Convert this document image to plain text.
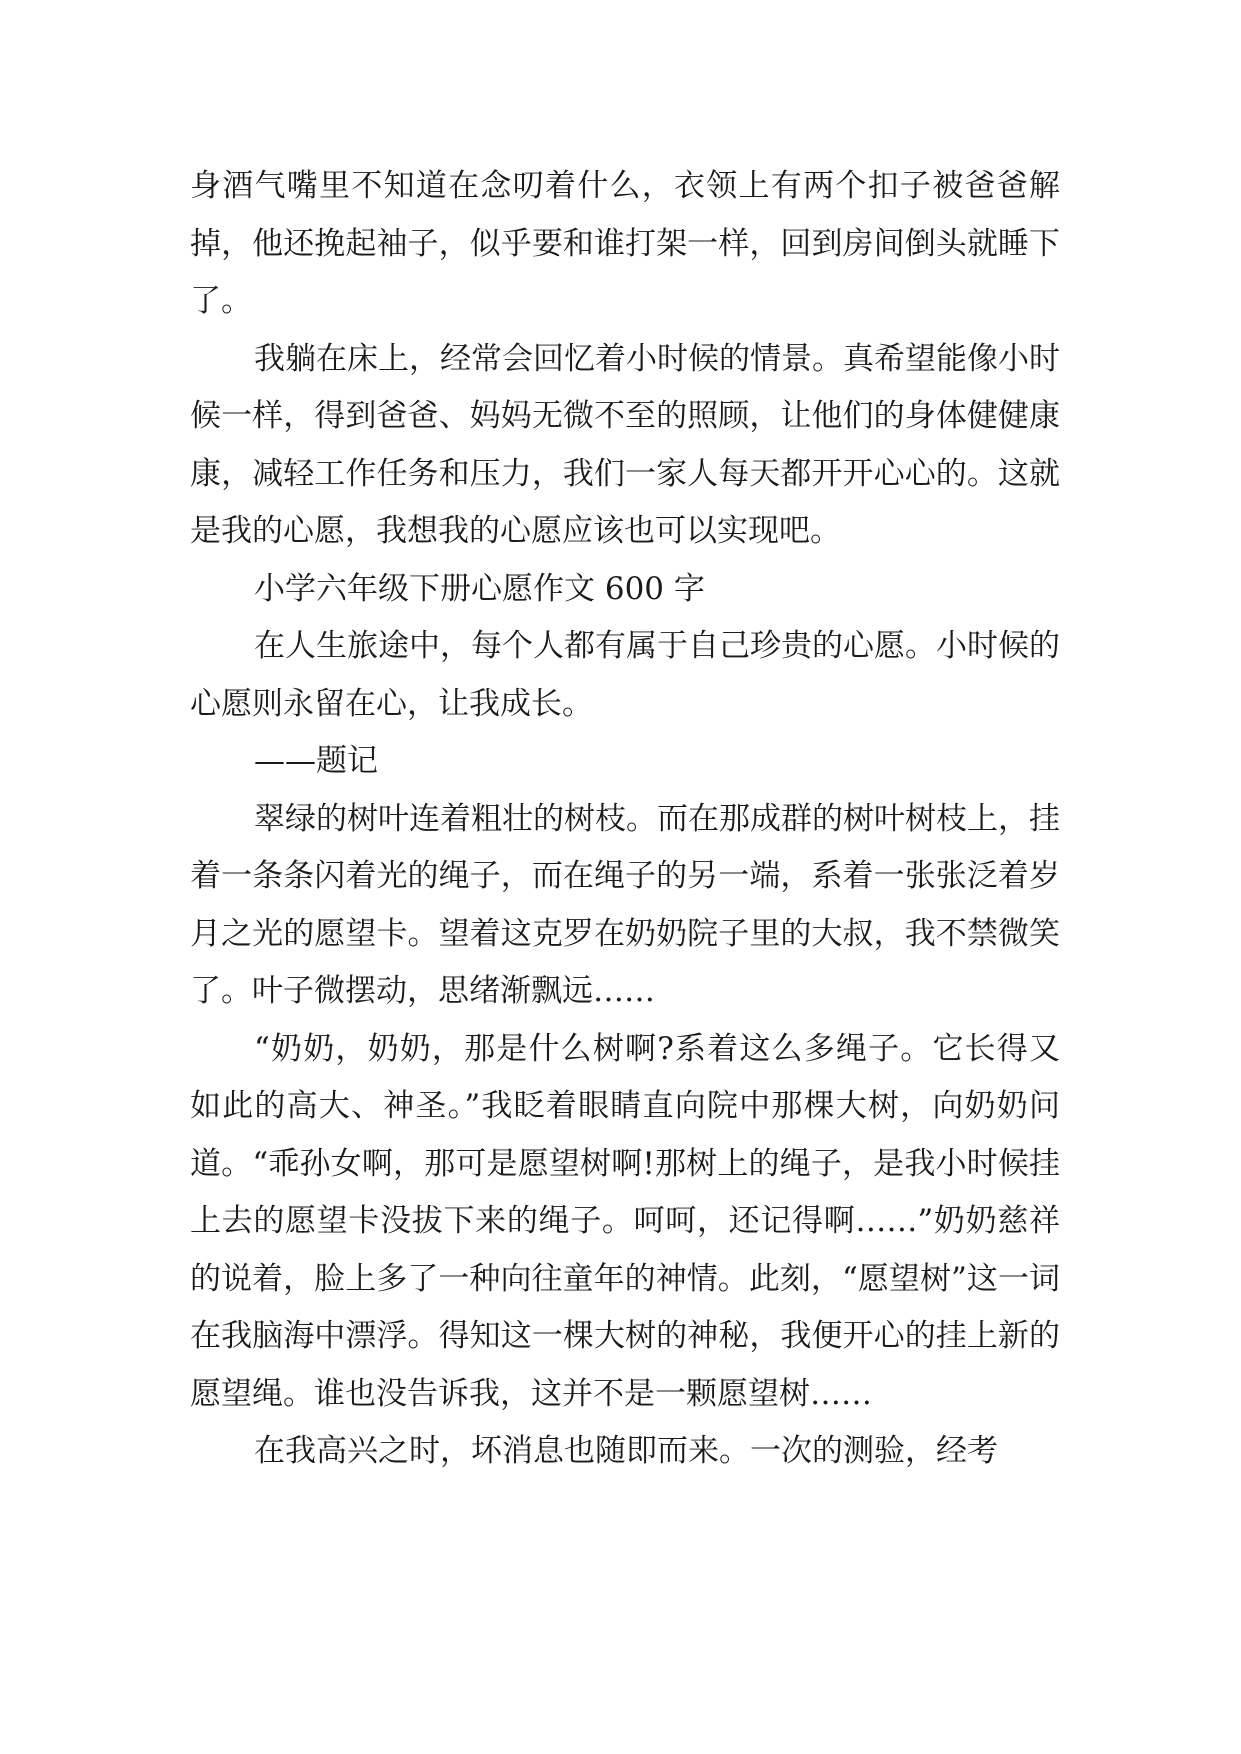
身酒气嘴里不知道在念叨着什么，衣领上有两个扣子被爸爸解掉，他还挽起袖子，似乎要和谁打架一样，回到房间倒头就睡下了。

我躺在床上，经常会回忆着小时候的情景。真希望能像小时候一样，得到爸爸、妈妈无微不至的照顾，让他们的身体健健康康，减轻工作任务和压力，我们一家人每天都开开心心的。这就是我的心愿，我想我的心愿应该也可以实现吧。

小学六年级下册心愿作文 600 字

在人生旅途中，每个人都有属于自己珍贵的心愿。小时候的心愿则永留在心，让我成长。

——题记

翠绿的树叶连着粗壮的树枝。而在那成群的树叶树枝上，挂着一条条闪着光的绳子，而在绳子的另一端，系着一张张泛着岁月之光的愿望卡。望着这克罗在奶奶院子里的大叔，我不禁微笑了。叶子微摆动，思绪渐飘远……

“奶奶，奶奶，那是什么树啊?系着这么多绳子。它长得又如此的高大、神圣。”我眨着眼睛直向院中那棵大树，向奶奶问道。“乖孙女啊，那可是愿望树啊!那树上的绳子，是我小时候挂上去的愿望卡没拔下来的绳子。呵呵，还记得啊……”奶奶慈祥的说着，脸上多了一种向往童年的神情。此刻，“愿望树”这一词在我脑海中漂浮。得知这一棵大树的神秘，我便开心的挂上新的愿望绳。谁也没告诉我，这并不是一颗愿望树……

在我高兴之时，坏消息也随即而来。一次的测验，经考
